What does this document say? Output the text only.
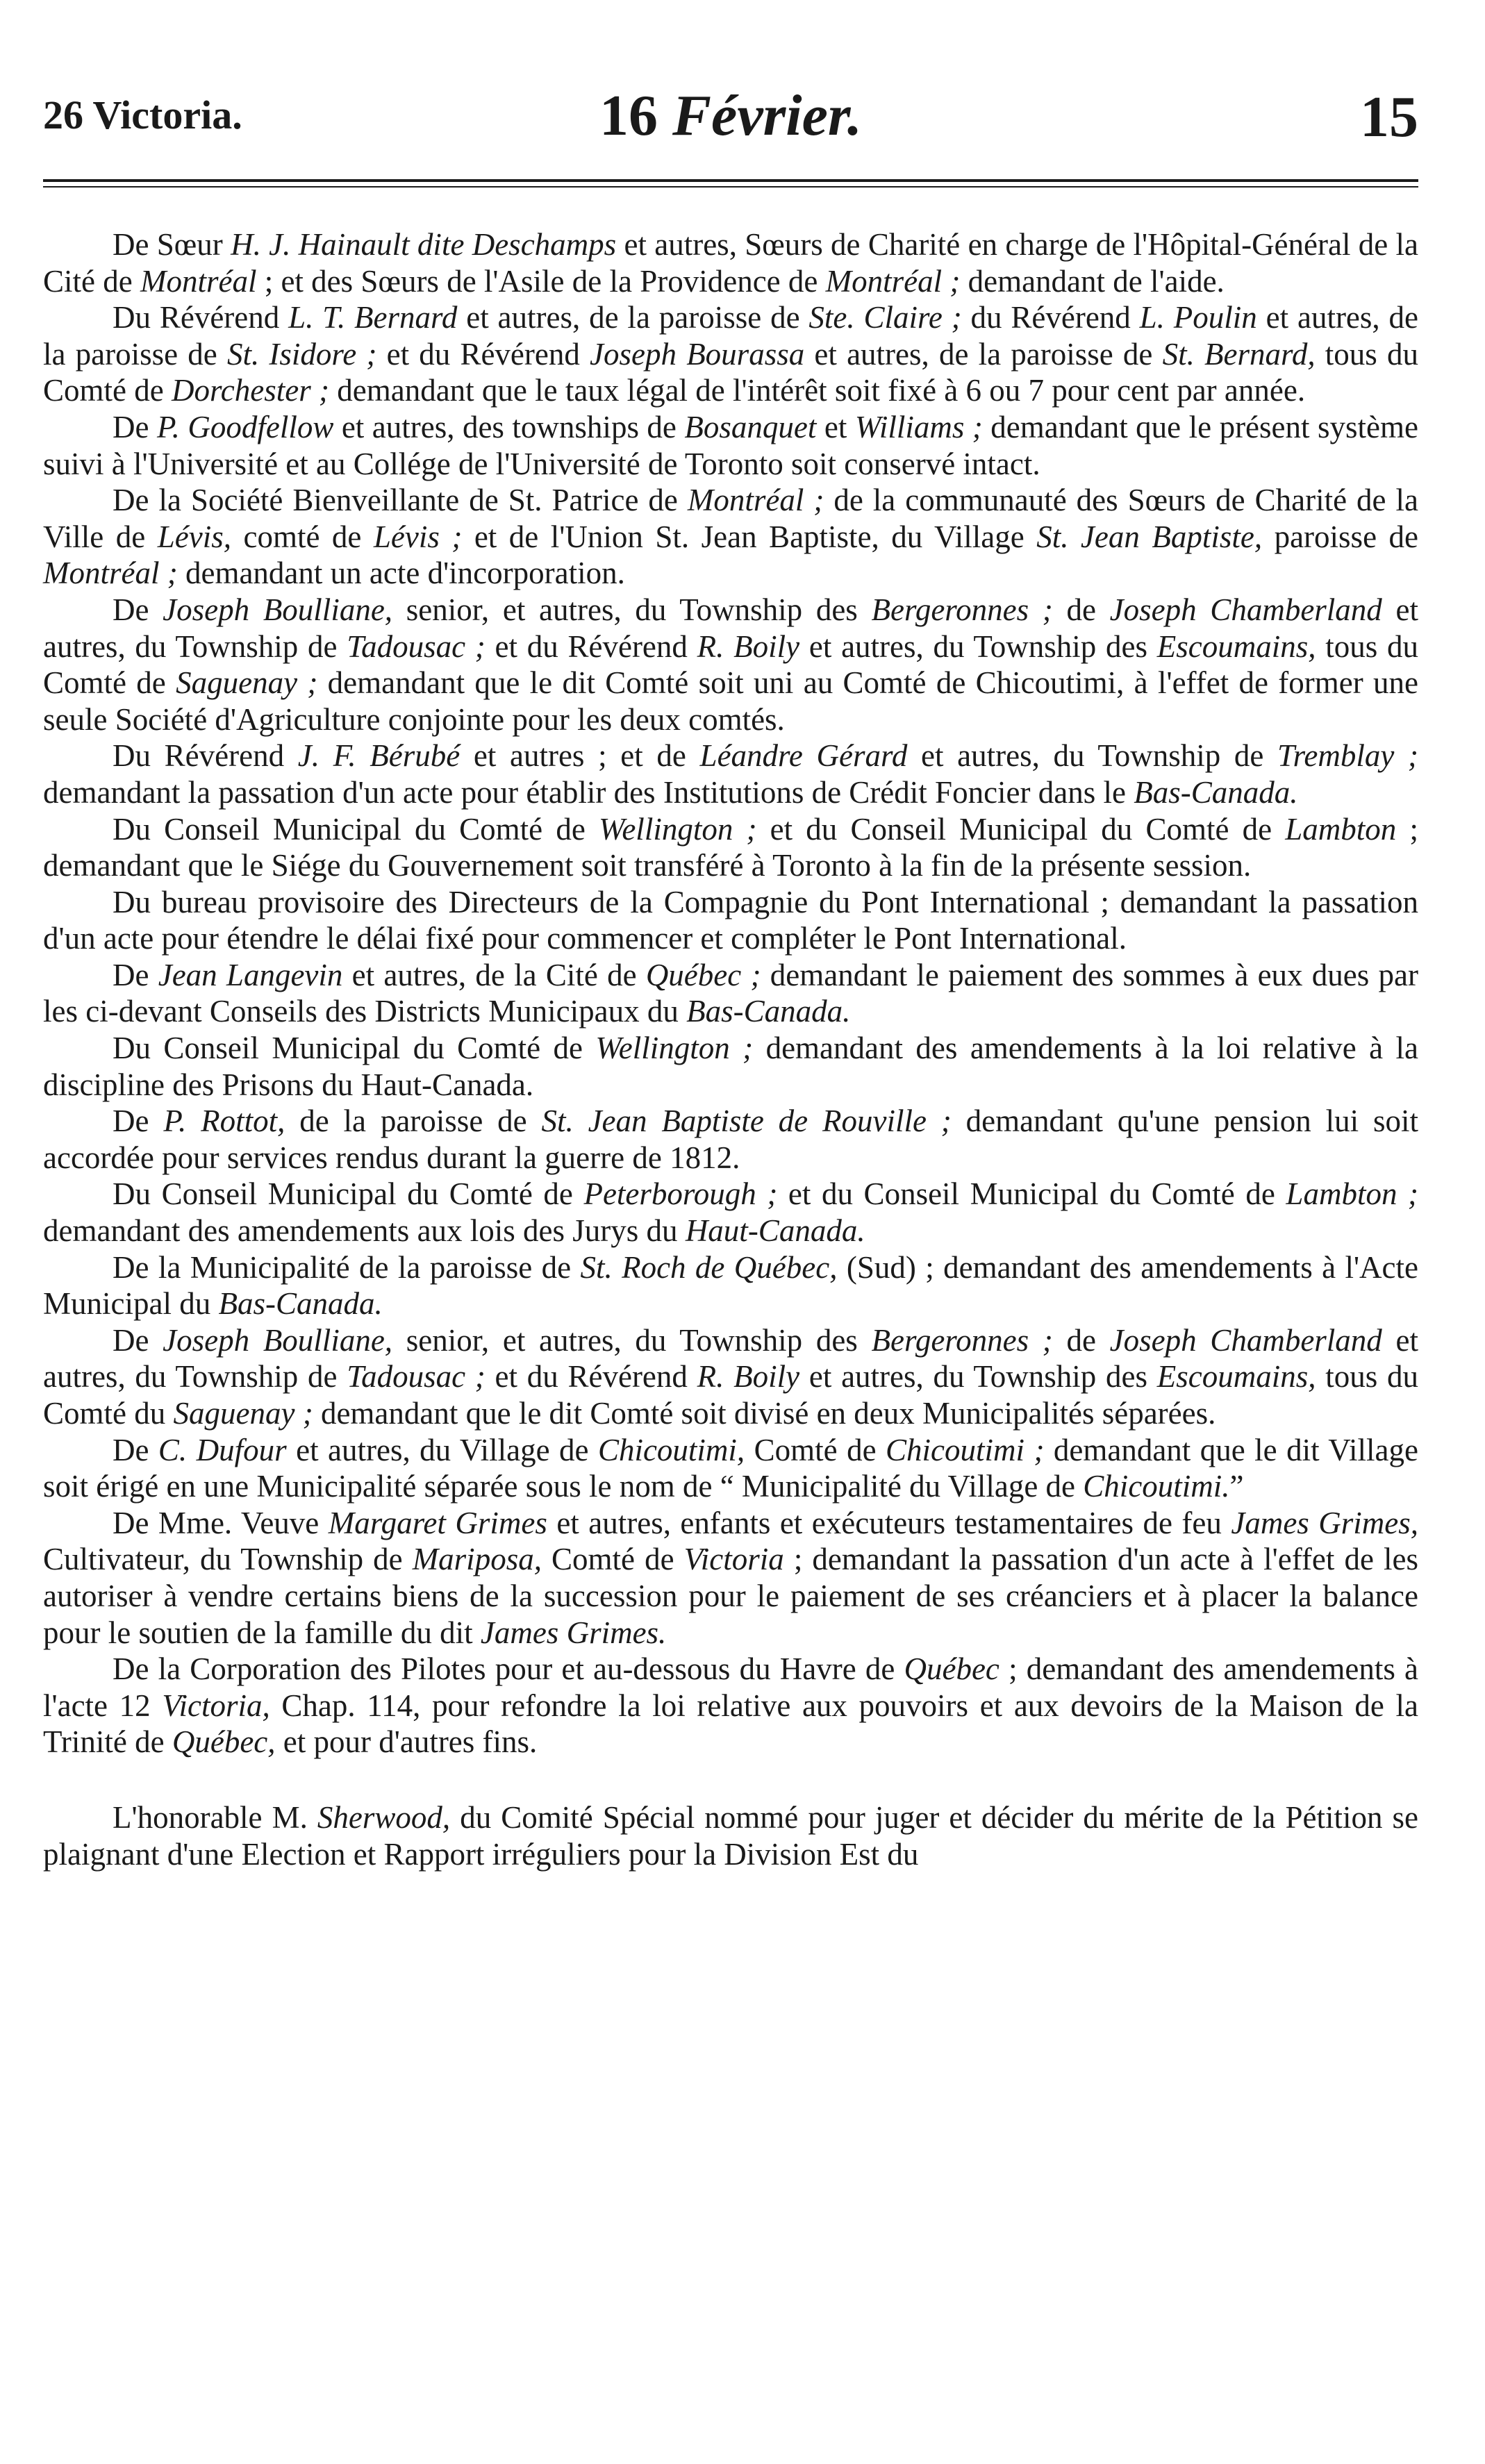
26 Victoria.	16 Février.	15

De Sœur H. J. Hainault dite Deschamps et autres, Sœurs de Charité en charge de l'Hôpital-Général de la Cité de Montréal ; et des Sœurs de l'Asile de la Providence de Montréal ; demandant de l'aide.

Du Révérend L. T. Bernard et autres, de la paroisse de Ste. Claire ; du Révérend L. Poulin et autres, de la paroisse de St. Isidore ; et du Révérend Joseph Bourassa et autres, de la paroisse de St. Bernard, tous du Comté de Dorchester ; demandant que le taux légal de l'intérêt soit fixé à 6 ou 7 pour cent par année.

De P. Goodfellow et autres, des townships de Bosanquet et Williams ; demandant que le présent système suivi à l'Université et au Collége de l'Université de Toronto soit conservé intact.

De la Société Bienveillante de St. Patrice de Montréal ; de la communauté des Sœurs de Charité de la Ville de Lévis, comté de Lévis ; et de l'Union St. Jean Baptiste, du Village St. Jean Baptiste, paroisse de Montréal ; demandant un acte d'incorporation.

De Joseph Boulliane, senior, et autres, du Township des Bergeronnes ; de Joseph Chamberland et autres, du Township de Tadousac ; et du Révérend R. Boily et autres, du Township des Escoumains, tous du Comté de Saguenay ; demandant que le dit Comté soit uni au Comté de Chicoutimi, à l'effet de former une seule Société d'Agriculture conjointe pour les deux comtés.

Du Révérend J. F. Bérubé et autres ; et de Léandre Gérard et autres, du Township de Tremblay ; demandant la passation d'un acte pour établir des Institutions de Crédit Foncier dans le Bas-Canada.

Du Conseil Municipal du Comté de Wellington ; et du Conseil Municipal du Comté de Lambton ; demandant que le Siége du Gouvernement soit transféré à Toronto à la fin de la présente session.

Du bureau provisoire des Directeurs de la Compagnie du Pont International ; demandant la passation d'un acte pour étendre le délai fixé pour commencer et compléter le Pont International.

De Jean Langevin et autres, de la Cité de Québec ; demandant le paiement des sommes à eux dues par les ci-devant Conseils des Districts Municipaux du Bas-Canada.

Du Conseil Municipal du Comté de Wellington ; demandant des amendements à la loi relative à la discipline des Prisons du Haut-Canada.

De P. Rottot, de la paroisse de St. Jean Baptiste de Rouville ; demandant qu'une pension lui soit accordée pour services rendus durant la guerre de 1812.

Du Conseil Municipal du Comté de Peterborough ; et du Conseil Municipal du Comté de Lambton ; demandant des amendements aux lois des Jurys du Haut-Canada.

De la Municipalité de la paroisse de St. Roch de Québec, (Sud) ; demandant des amendements à l'Acte Municipal du Bas-Canada.

De Joseph Boulliane, senior, et autres, du Township des Bergeronnes ; de Joseph Chamberland et autres, du Township de Tadousac ; et du Révérend R. Boily et autres, du Township des Escoumains, tous du Comté du Saguenay ; demandant que le dit Comté soit divisé en deux Municipalités séparées.

De C. Dufour et autres, du Village de Chicoutimi, Comté de Chicoutimi ; demandant que le dit Village soit érigé en une Municipalité séparée sous le nom de “ Municipalité du Village de Chicoutimi.”

De Mme. Veuve Margaret Grimes et autres, enfants et exécuteurs testamentaires de feu James Grimes, Cultivateur, du Township de Mariposa, Comté de Victoria ; demandant la passation d'un acte à l'effet de les autoriser à vendre certains biens de la succession pour le paiement de ses créanciers et à placer la balance pour le soutien de la famille du dit James Grimes.

De la Corporation des Pilotes pour et au-dessous du Havre de Québec ; demandant des amendements à l'acte 12 Victoria, Chap. 114, pour refondre la loi relative aux pouvoirs et aux devoirs de la Maison de la Trinité de Québec, et pour d'autres fins.

L'honorable M. Sherwood, du Comité Spécial nommé pour juger et décider du mérite de la Pétition se plaignant d'une Election et Rapport irréguliers pour la Division Est du
